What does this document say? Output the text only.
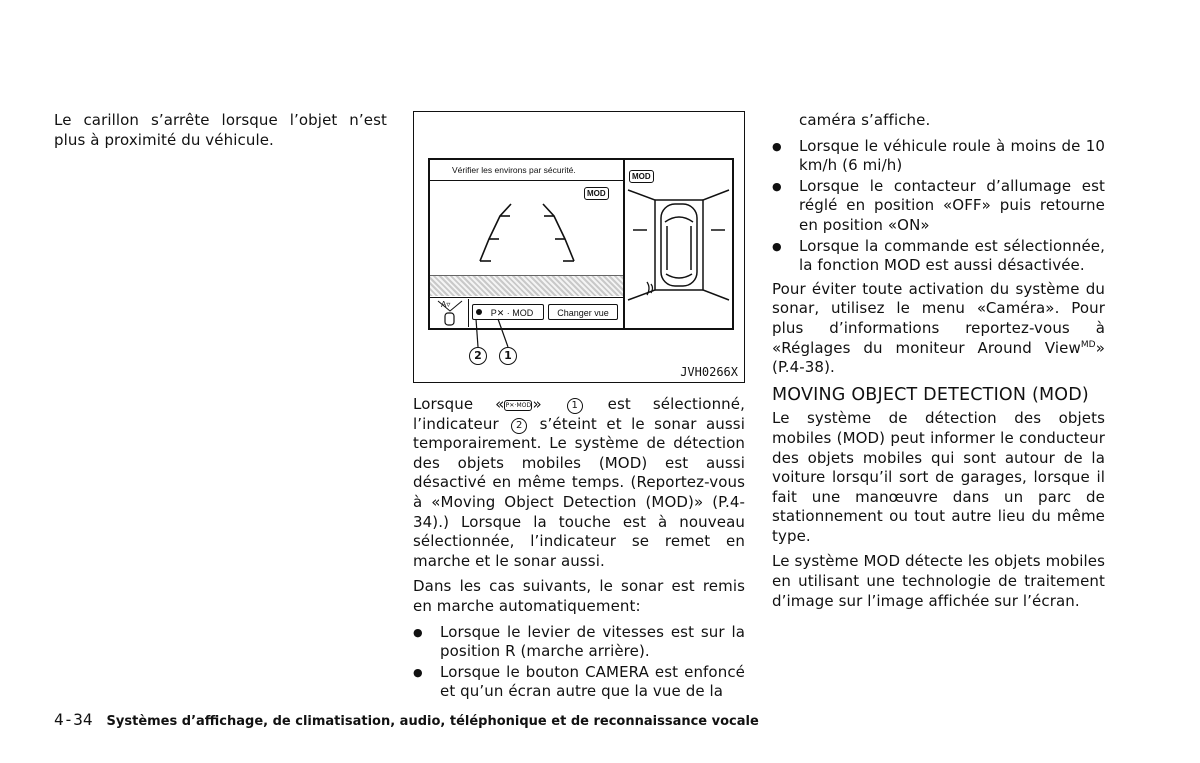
Le carillon s’arrête lorsque l’objet n’est plus à proximité du véhicule.

Vérifier les environs par sécurité.
MOD
A▿
P✕ · MOD	Changer vue
MOD
2	1
JVH0266X

Lorsque «P✕·MOD»	1 est sélectionné, l’indicateur 2 s’éteint et le sonar aussi temporairement. Le système de détection des objets mobiles (MOD) est aussi désactivé en même temps. (Reportez-vous à «Moving Object Detection (MOD)» (P.4-34).) Lorsque la touche est à nouveau sélectionnée, l’indicateur se remet en marche et le sonar aussi.

Dans les cas suivants, le sonar est remis en marche automatiquement:

● Lorsque le levier de vitesses est sur la position R (marche arrière).
● Lorsque le bouton CAMERA est enfoncé et qu’un écran autre que la vue de la

caméra s’affiche.

● Lorsque le véhicule roule à moins de 10 km/h (6 mi/h)
● Lorsque le contacteur d’allumage est réglé en position «OFF» puis retourne en position «ON»
● Lorsque la commande est sélectionnée, la fonction MOD est aussi désactivée.

Pour éviter toute activation du système du sonar, utilisez le menu «Caméra». Pour plus d’informations reportez-vous à «Réglages du moniteur Around View$^{MD}$» (P.4-38).

MOVING OBJECT DETECTION (MOD)

Le système de détection des objets mobiles (MOD) peut informer le conducteur des objets mobiles qui sont autour de la voiture lorsqu’il sort de garages, lorsque il fait une manœuvre dans un parc de stationnement ou tout autre lieu du même type.

Le système MOD détecte les objets mobiles en utilisant une technologie de traitement d’image sur l’image affichée sur l’écran.

4-34 Systèmes d’affichage, de climatisation, audio, téléphonique et de reconnaissance vocale
